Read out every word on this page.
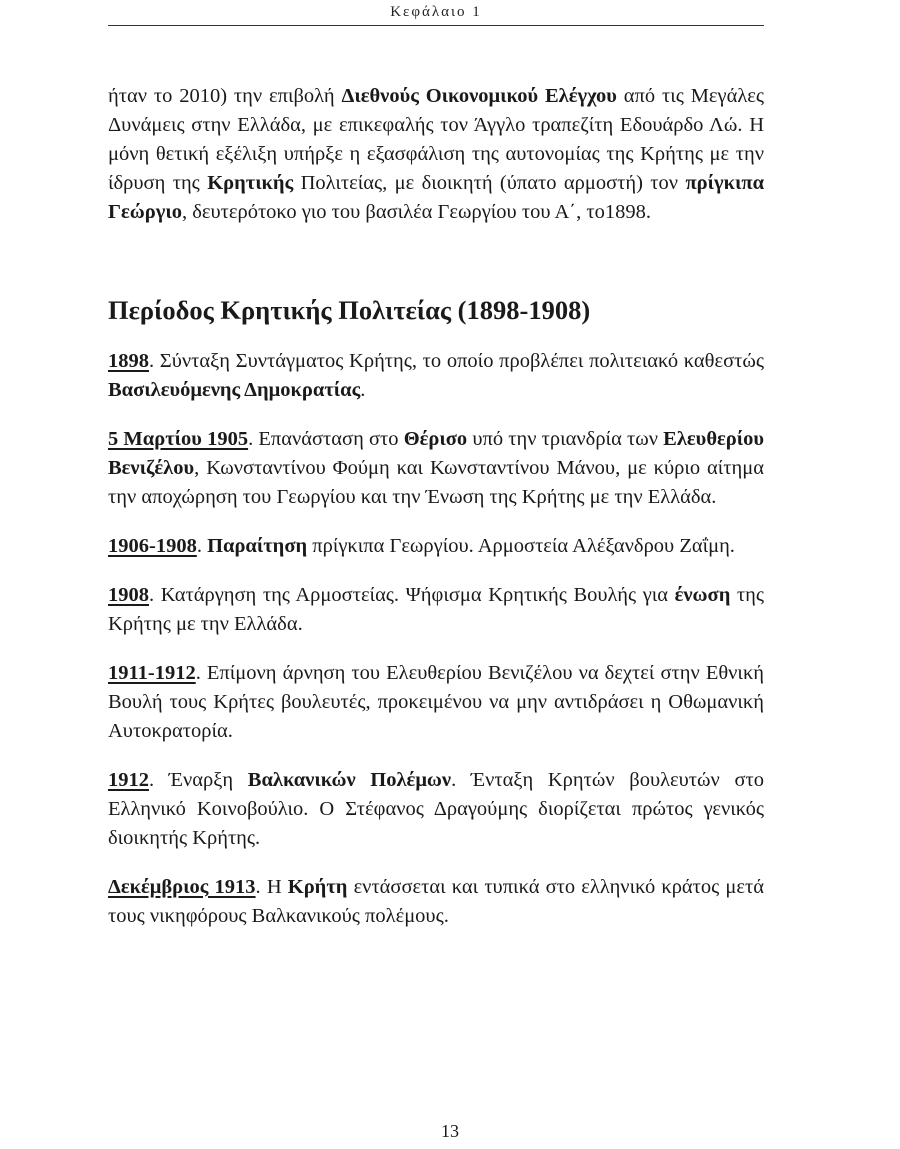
Κεφάλαιο 1

ήταν το 2010) την επιβολή Διεθνούς Οικονομικού Ελέγχου από τις Μεγάλες Δυνάμεις στην Ελλάδα, με επικεφαλής τον Άγγλο τραπεζίτη Εδουάρδο Λώ. Η μόνη θετική εξέλιξη υπήρξε η εξασφάλιση της αυτονομίας της Κρήτης με την ίδρυση της Κρητικής Πολιτείας, με διοικητή (ύπατο αρμοστή) τον πρίγκιπα Γεώργιο, δευτερότοκο γιο του βασιλέα Γεωργίου του Α΄, το1898.

Περίοδος Κρητικής Πολιτείας (1898-1908)

1898. Σύνταξη Συντάγματος Κρήτης, το οποίο προβλέπει πολιτειακό καθεστώς Βασιλευόμενης Δημοκρατίας.

5 Μαρτίου 1905. Επανάσταση στο Θέρισο υπό την τριανδρία των Ελευθερίου Βενιζέλου, Κωνσταντίνου Φούμη και Κωνσταντίνου Μάνου, με κύριο αίτημα την αποχώρηση του Γεωργίου και την Ένωση της Κρήτης με την Ελλάδα.

1906-1908. Παραίτηση πρίγκιπα Γεωργίου. Αρμοστεία Αλέξανδρου Ζαΐμη.

1908. Κατάργηση της Αρμοστείας. Ψήφισμα Κρητικής Βουλής για ένωση της Κρήτης με την Ελλάδα.

1911-1912. Επίμονη άρνηση του Ελευθερίου Βενιζέλου να δεχτεί στην Εθνική Βουλή τους Κρήτες βουλευτές, προκειμένου να μην αντιδράσει η Οθωμανική Αυτοκρατορία.

1912. Έναρξη Βαλκανικών Πολέμων. Ένταξη Κρητών βουλευτών στο Ελληνικό Κοινοβούλιο. Ο Στέφανος Δραγούμης διορίζεται πρώτος γενικός διοικητής Κρήτης.

Δεκέμβριος 1913. Η Κρήτη εντάσσεται και τυπικά στο ελληνικό κράτος μετά τους νικηφόρους Βαλκανικούς πολέμους.

13
